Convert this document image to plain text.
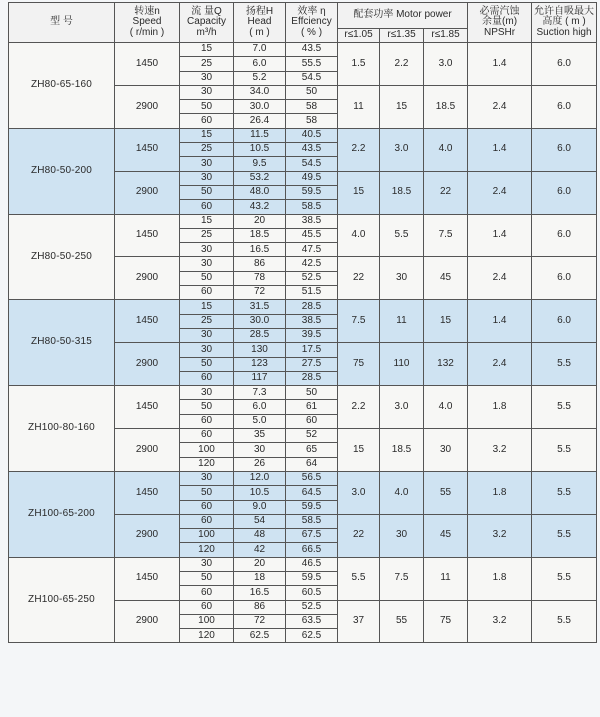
型 号	转速n
Speed
( r/min )	流 量Q
Capacity
m³/h	扬程H
Head
( m )	效率 η
Effciency
( % )	配套功率 Motor power			必需汽蚀
余量(m)
NPSHr	允许自吸最大
高度 ( m )
Suction high

					r≤1.05	r≤1.35	r≤1.85		
ZH80-65-160	1450	15	7.0	43.5	1.5	2.2	3.0	1.4	6.0
		25	6.0	55.5					
		30	5.2	54.5					
	2900	30	34.0	50	11	15	18.5	2.4	6.0
		50	30.0	58					
		60	26.4	58					
ZH80-50-200	1450	15	11.5	40.5	2.2	3.0	4.0	1.4	6.0
		25	10.5	43.5					
		30	9.5	54.5					
	2900	30	53.2	49.5	15	18.5	22	2.4	6.0
		50	48.0	59.5					
		60	43.2	58.5					
ZH80-50-250	1450	15	20	38.5	4.0	5.5	7.5	1.4	6.0
		25	18.5	45.5					
		30	16.5	47.5					
	2900	30	86	42.5	22	30	45	2.4	6.0
		50	78	52.5					
		60	72	51.5					
ZH80-50-315	1450	15	31.5	28.5	7.5	11	15	1.4	6.0
		25	30.0	38.5					
		30	28.5	39.5					
	2900	30	130	17.5	75	110	132	2.4	5.5
		50	123	27.5					
		60	117	28.5					
ZH100-80-160	1450	30	7.3	50	2.2	3.0	4.0	1.8	5.5
		50	6.0	61					
		60	5.0	60					
	2900	60	35	52	15	18.5	30	3.2	5.5
		100	30	65					
		120	26	64					
ZH100-65-200	1450	30	12.0	56.5	3.0	4.0	55	1.8	5.5
		50	10.5	64.5					
		60	9.0	59.5					
	2900	60	54	58.5	22	30	45	3.2	5.5
		100	48	67.5					
		120	42	66.5					
ZH100-65-250	1450	30	20	46.5	5.5	7.5	11	1.8	5.5
		50	18	59.5					
		60	16.5	60.5					
	2900	60	86	52.5	37	55	75	3.2	5.5
		100	72	63.5					
		120	62.5	62.5					
